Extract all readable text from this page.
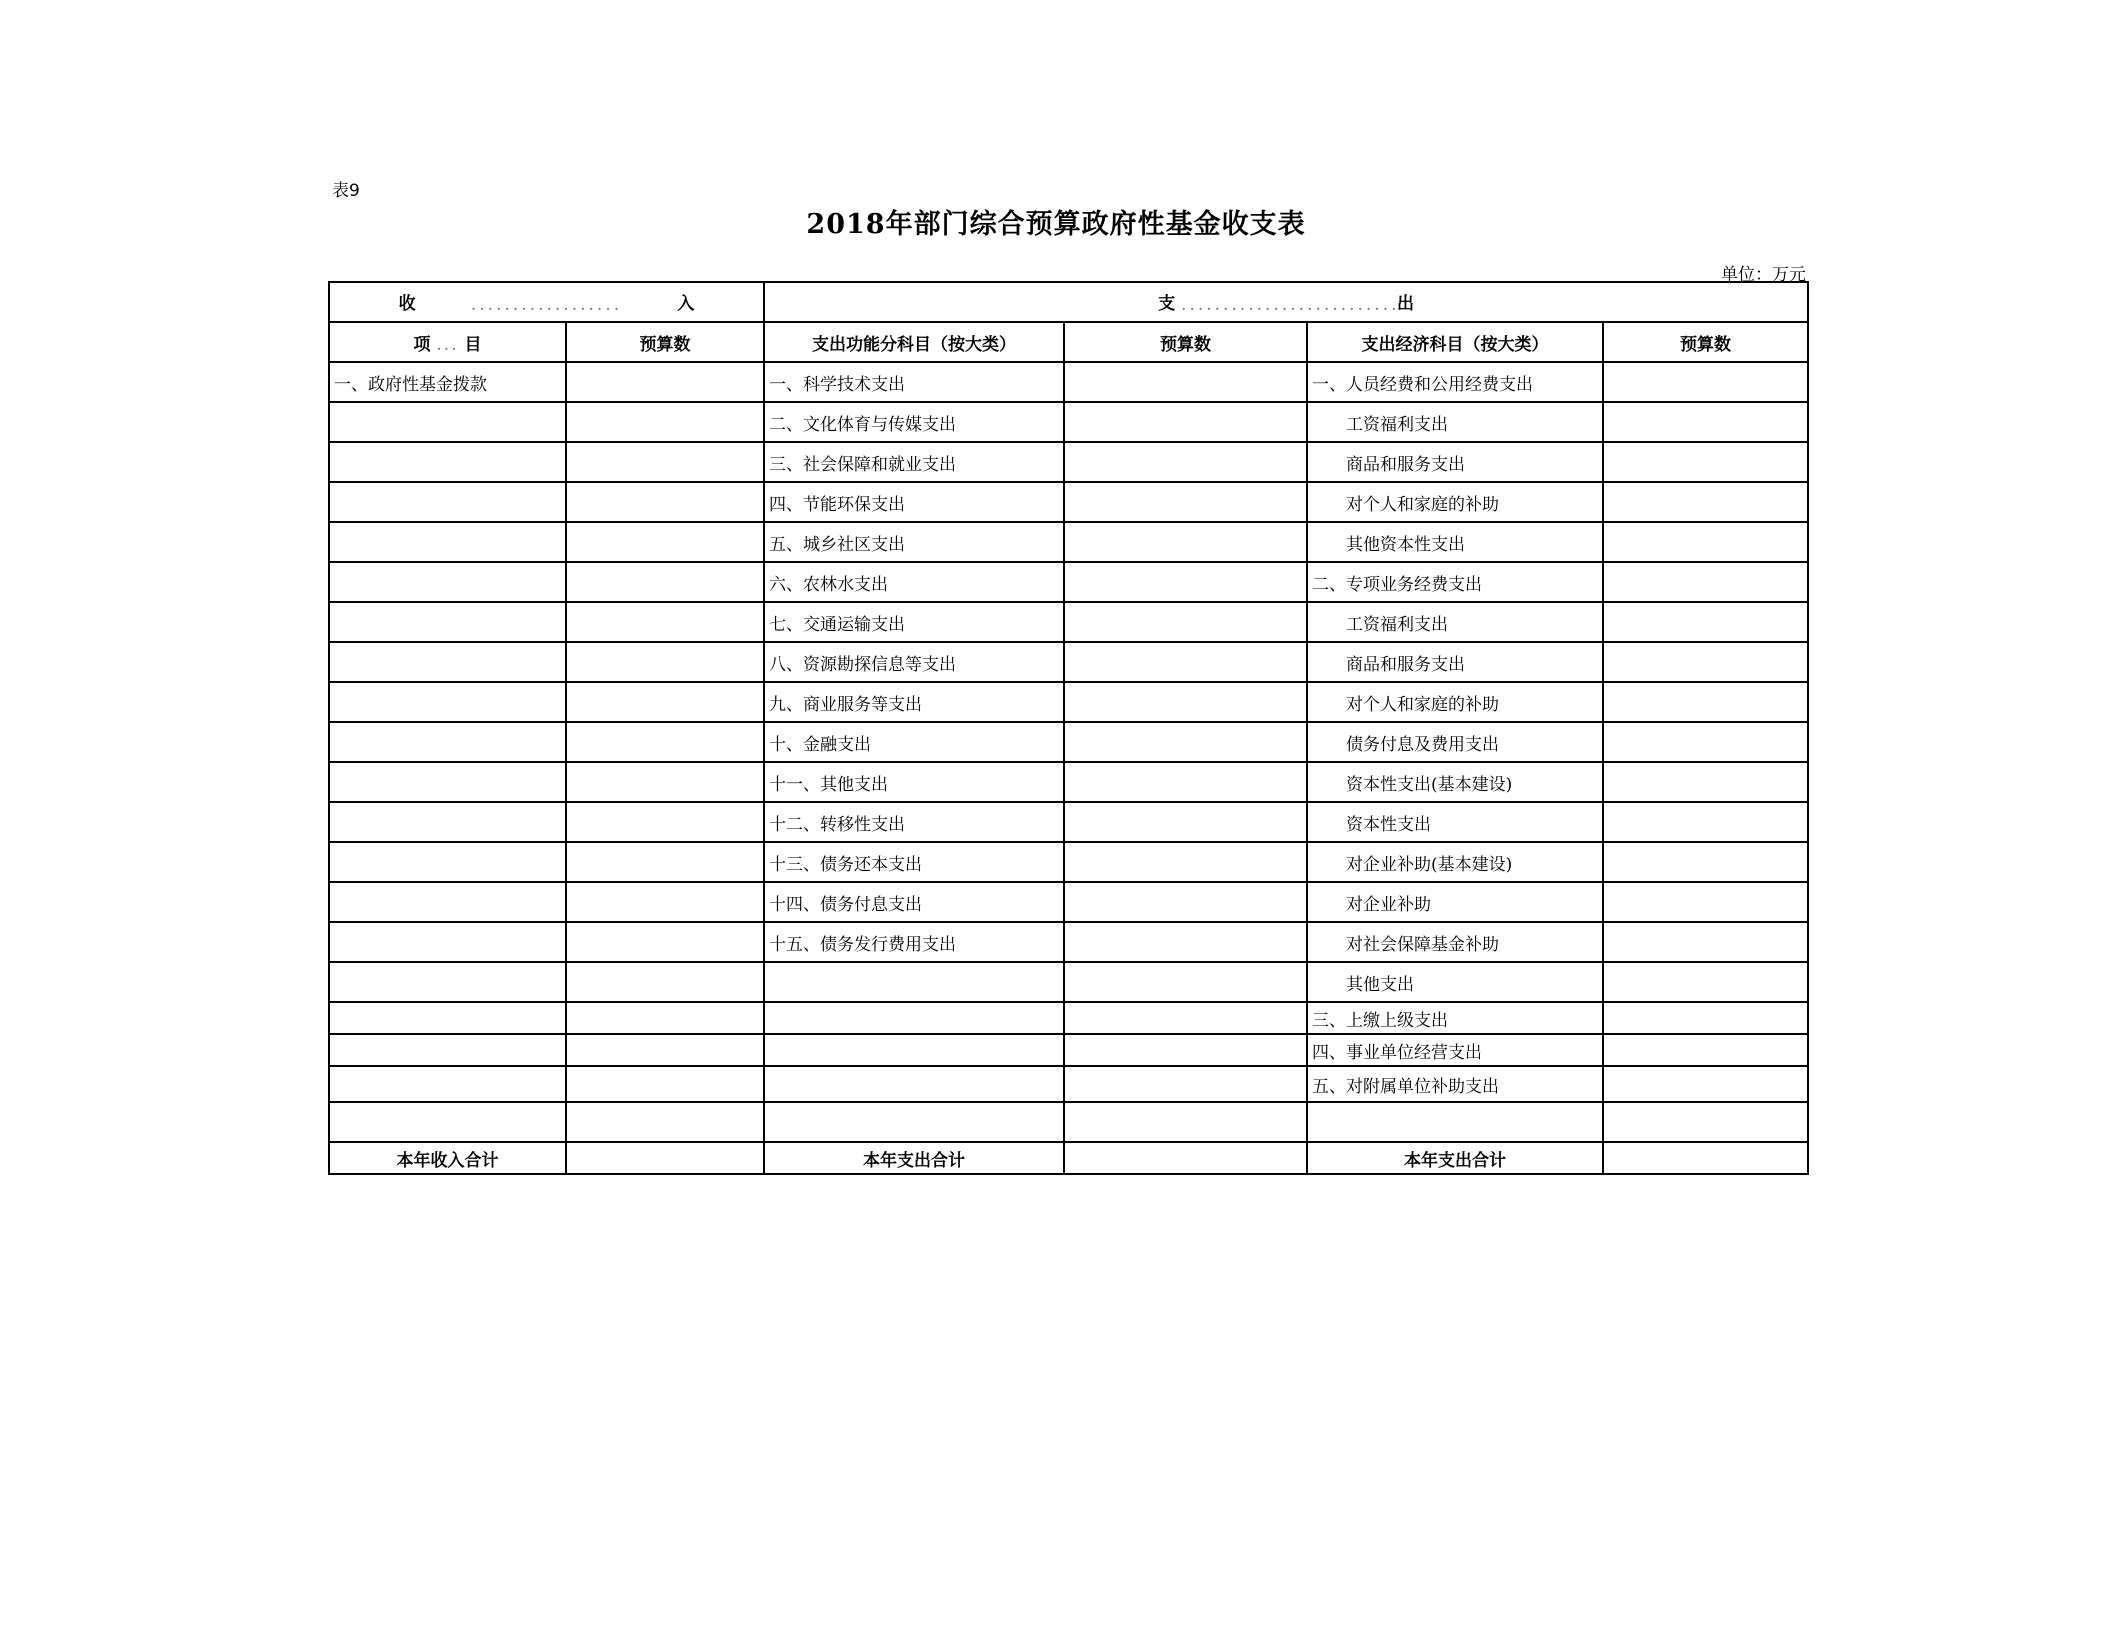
表9
2018年部门综合预算政府性基金收支表
单位：万元
收 .................. 入		支 .......................... 出			
项 ... 目	预算数	支出功能分科目（按大类）	预算数	支出经济科目（按大类）	预算数
一、政府性基金拨款		一、科学技术支出		一、人员经费和公用经费支出	
		二、文化体育与传媒支出		工资福利支出	
		三、社会保障和就业支出		商品和服务支出	
		四、节能环保支出		对个人和家庭的补助	
		五、城乡社区支出		其他资本性支出	
		六、农林水支出		二、专项业务经费支出	
		七、交通运输支出		工资福利支出	
		八、资源勘探信息等支出		商品和服务支出	
		九、商业服务等支出		对个人和家庭的补助	
		十、金融支出		债务付息及费用支出	
		十一、其他支出		资本性支出(基本建设)	
		十二、转移性支出		资本性支出	
		十三、债务还本支出		对企业补助(基本建设)	
		十四、债务付息支出		对企业补助	
		十五、债务发行费用支出		对社会保障基金补助	
				其他支出	
				三、上缴上级支出	
				四、事业单位经营支出	
				五、对附属单位补助支出	

本年收入合计		本年支出合计		本年支出合计	
